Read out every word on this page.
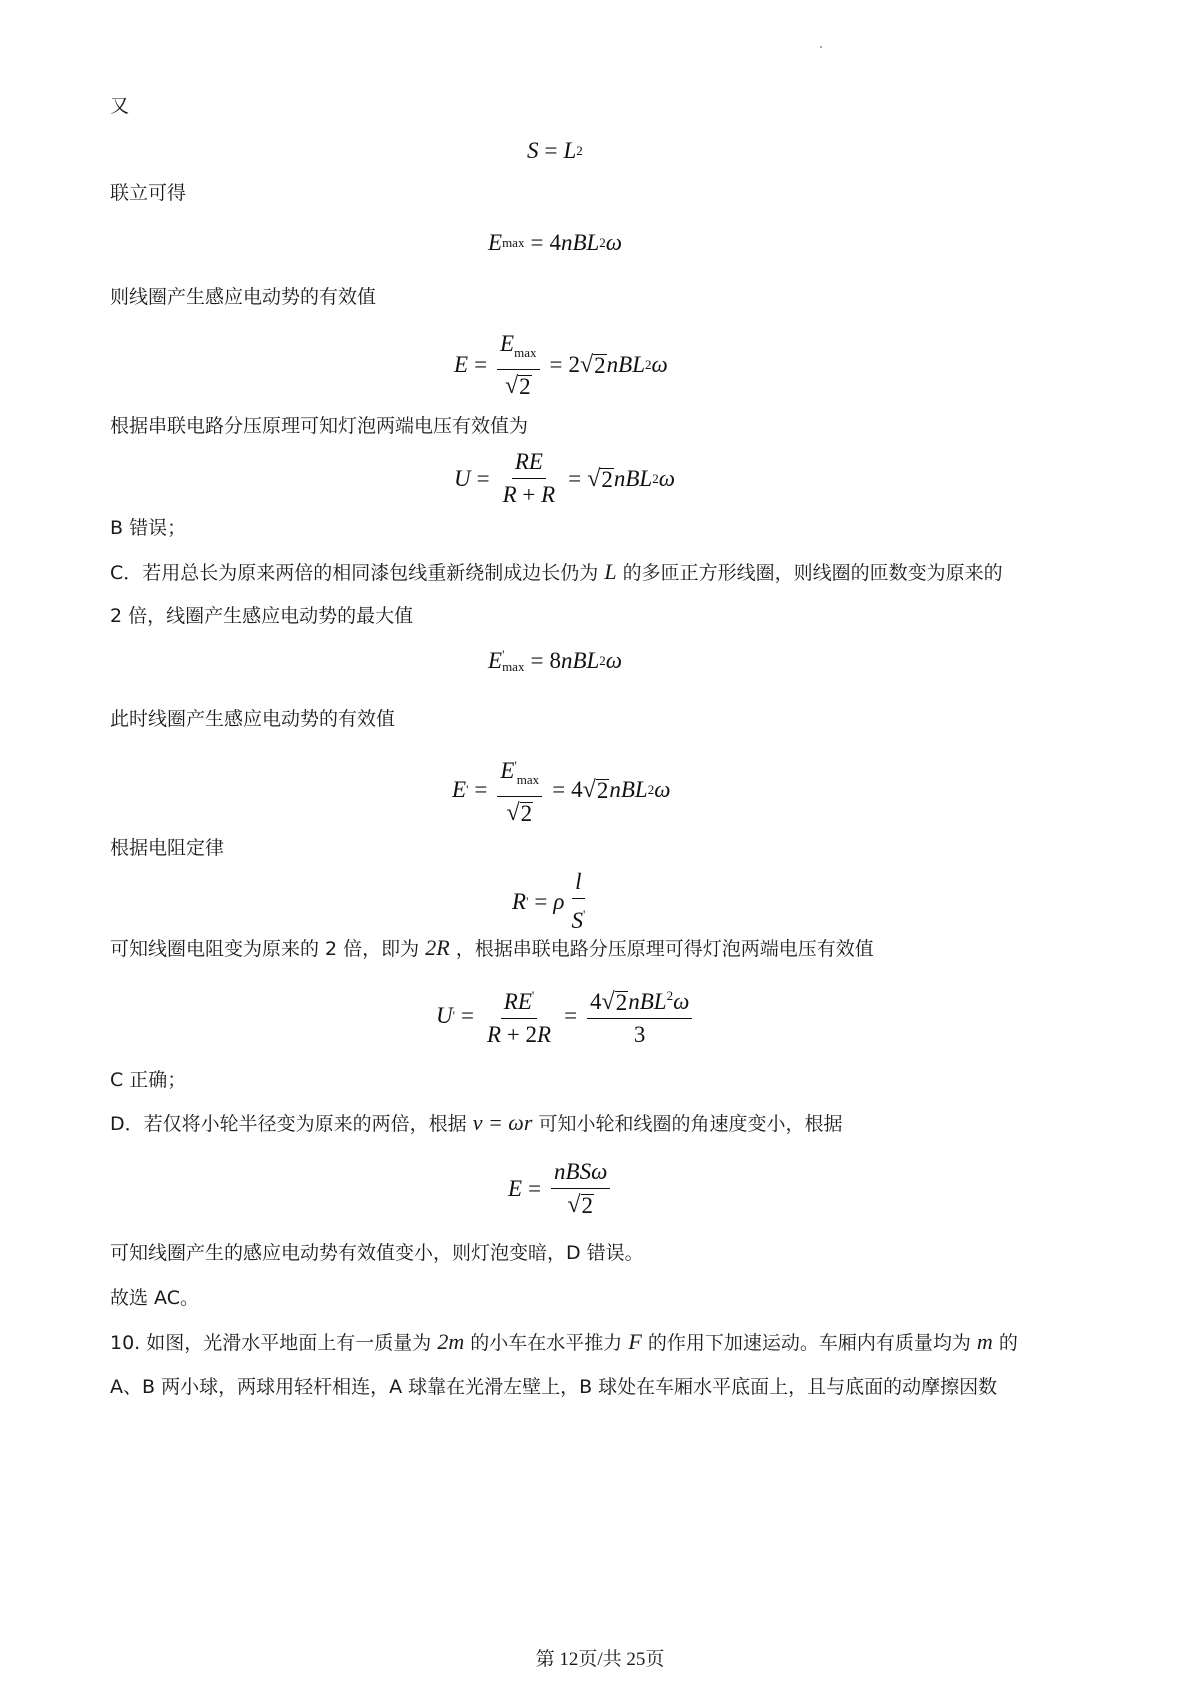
又
S = L 2
联立可得
E max = 4 nBL 2 ω
则线圈产生感应电动势的有效值
$E = \frac{E_{max}}{√ 2} = 2$ √ 2 nBL 2 ω
根据串联电路分压原理可知灯泡两端电压有效值为
$U = \frac{RE}{R + R}$ = √ 2 nBL 2 ω
B 错误；
C．若用总长为原来两倍的相同漆包线重新绕制成边长仍为 L 的多匝正方形线圈，则线圈的匝数变为原来的
2 倍，线圈产生感应电动势的最大值
E '
max = 8 nBL 2 ω
此时线圈产生感应电动势的有效值
E ' = $\frac{E'_{max}}{√ 2} = 4$ √ 2 nBL 2 ω
根据电阻定律
R ' = ρ $\frac{l}{S'}$
可知线圈电阻变为原来的 2 倍，即为 2R ，根据串联电路分压原理可得灯泡两端电压有效值
U ' = $\frac{RE'}{R + 2R} = \frac{4 √ 2 nBL^2\omega}{3}$
C 正确；
D．若仅将小轮半径变为原来的两倍，根据 v = ωr 可知小轮和线圈的角速度变小，根据
$E = \frac{\text{nBSω}}{√ 2}$
可知线圈产生的感应电动势有效值变小，则灯泡变暗，D 错误。
故选 AC。
10. 如图，光滑水平地面上有一质量为 2m 的小车在水平推力 F 的作用下加速运动。车厢内有质量均为 m 的
A、B 两小球，两球用轻杆相连，A 球靠在光滑左壁上，B 球处在车厢水平底面上，且与底面的动摩擦因数
第 12页/共 25页
